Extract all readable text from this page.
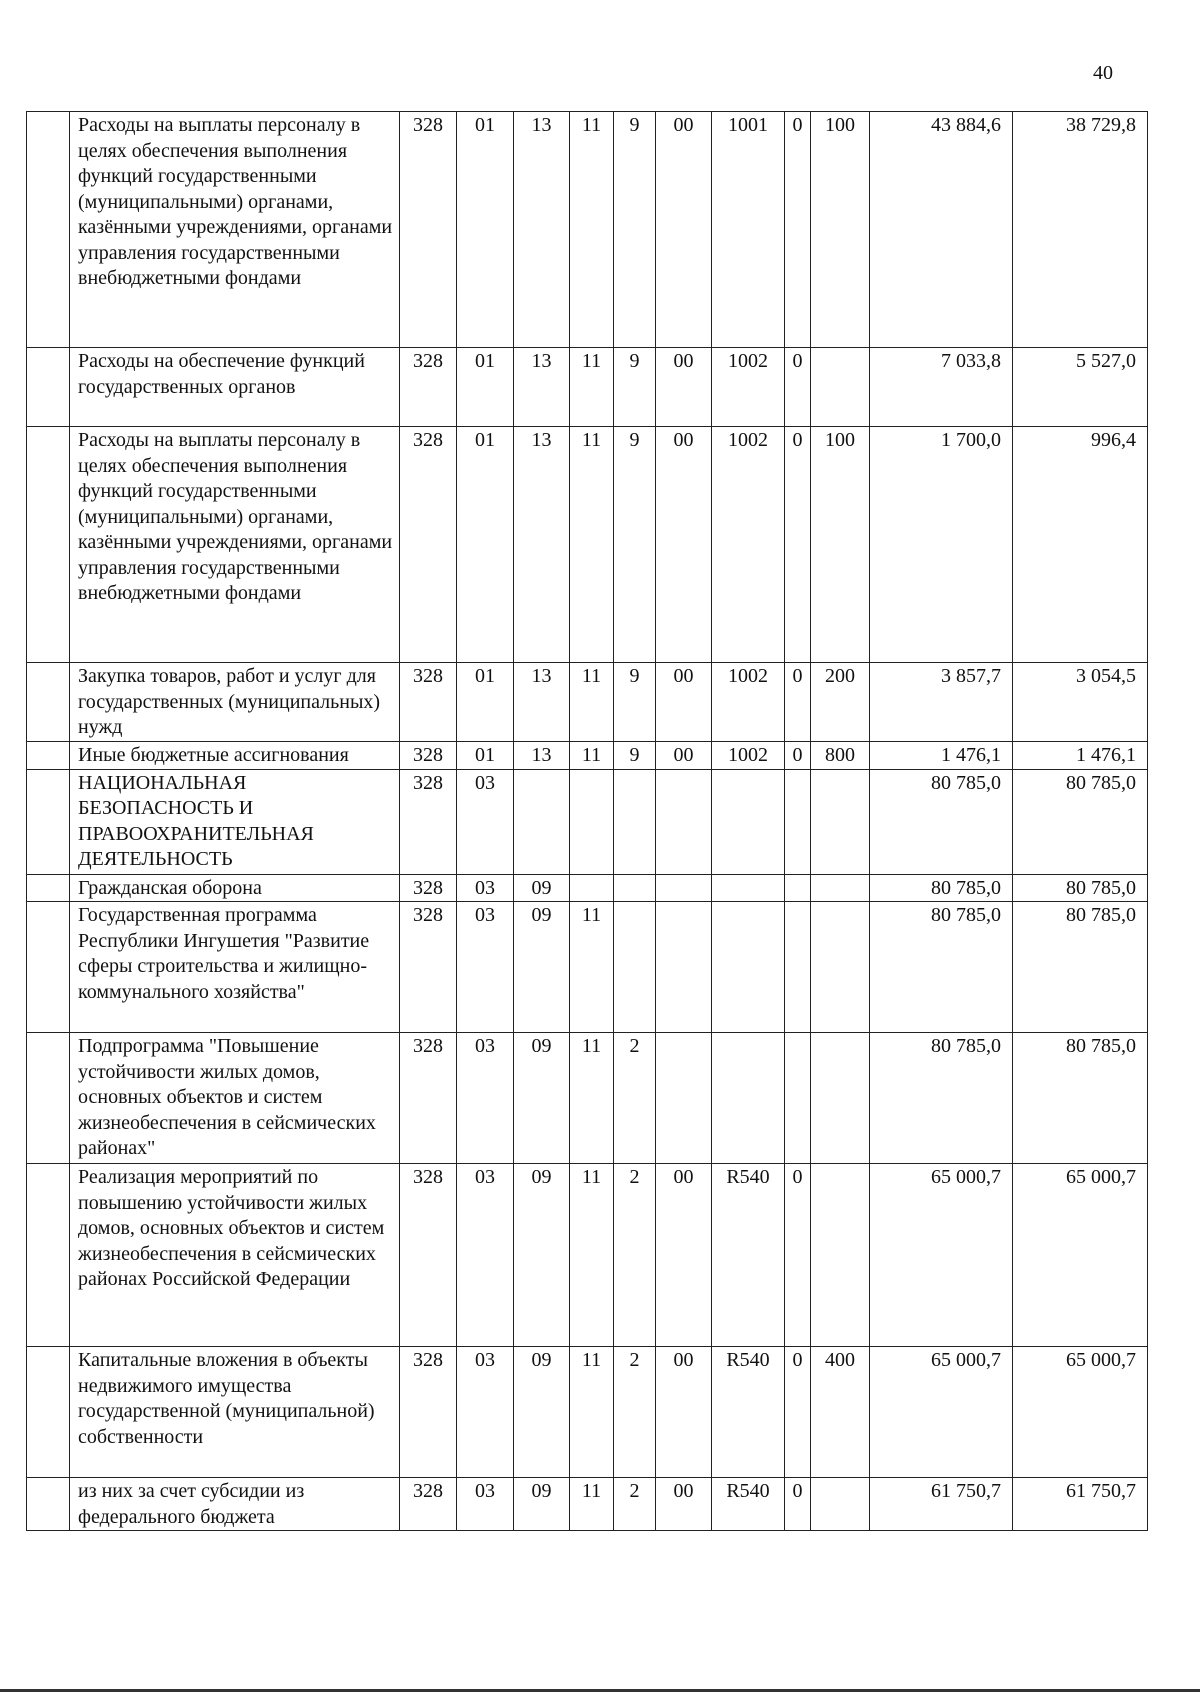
40
	Расходы на выплаты персоналу в целях обеспечения выполнения функций государственными (муниципальными) органами, казёнными учреждениями, органами управления государственными внебюджетными фондами	328	01	13	11	9	00	1001	0	100	43 884,6	38 729,8
	Расходы на обеспечение функций государственных органов	328	01	13	11	9	00	1002	0		7 033,8	5 527,0
	Расходы на выплаты персоналу в целях обеспечения выполнения функций государственными (муниципальными) органами, казёнными учреждениями, органами управления государственными внебюджетными фондами	328	01	13	11	9	00	1002	0	100	1 700,0	996,4
	Закупка товаров, работ и услуг для государственных (муниципальных) нужд	328	01	13	11	9	00	1002	0	200	3 857,7	3 054,5
	Иные бюджетные ассигнования	328	01	13	11	9	00	1002	0	800	1 476,1	1 476,1
	НАЦИОНАЛЬНАЯ БЕЗОПАСНОСТЬ И ПРАВООХРАНИТЕЛЬНАЯ ДЕЯТЕЛЬНОСТЬ	328	03								80 785,0	80 785,0
	Гражданская оборона	328	03	09							80 785,0	80 785,0
	Государственная программа Республики Ингушетия "Развитие сферы строительства и жилищно-коммунального хозяйства"	328	03	09	11						80 785,0	80 785,0
	Подпрограмма "Повышение устойчивости жилых домов, основных объектов и систем жизнеобеспечения в сейсмических районах"	328	03	09	11	2					80 785,0	80 785,0
	Реализация мероприятий по повышению устойчивости жилых домов, основных объектов и систем жизнеобеспечения в сейсмических районах Российской Федерации	328	03	09	11	2	00	R540	0		65 000,7	65 000,7
	Капитальные вложения в объекты недвижимого имущества государственной (муниципальной) собственности	328	03	09	11	2	00	R540	0	400	65 000,7	65 000,7
	из них за счет субсидии из федерального бюджета	328	03	09	11	2	00	R540	0		61 750,7	61 750,7
